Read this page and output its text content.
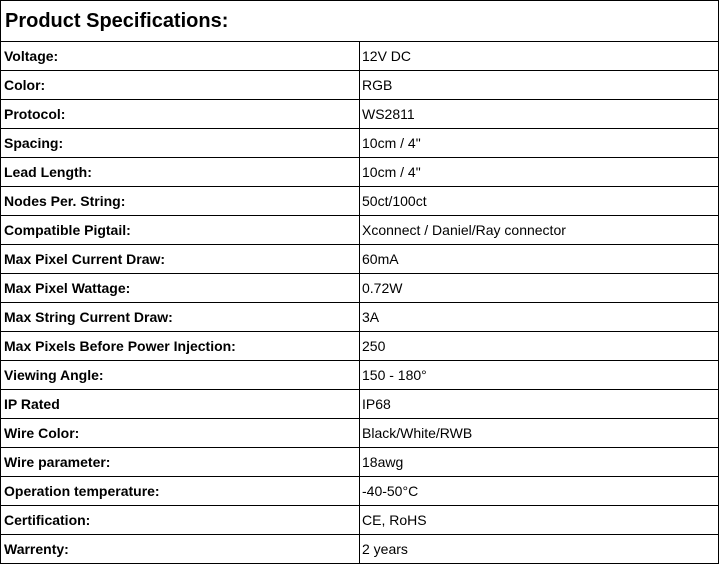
Product Specifications:	
Voltage:	12V DC
Color:	RGB
Protocol:	WS2811
Spacing:	10cm / 4"
Lead Length:	10cm / 4"
Nodes Per. String:	50ct/100ct
Compatible Pigtail:	Xconnect / Daniel/Ray connector
Max Pixel Current Draw:	60mA
Max Pixel Wattage:	0.72W
Max String Current Draw:	3A
Max Pixels Before Power Injection:	250
Viewing Angle:	150 - 180°
IP Rated	IP68
Wire Color:	Black/White/RWB
Wire parameter:	18awg
Operation temperature:	-40-50°C
Certification:	CE, RoHS
Warrenty:	2 years
